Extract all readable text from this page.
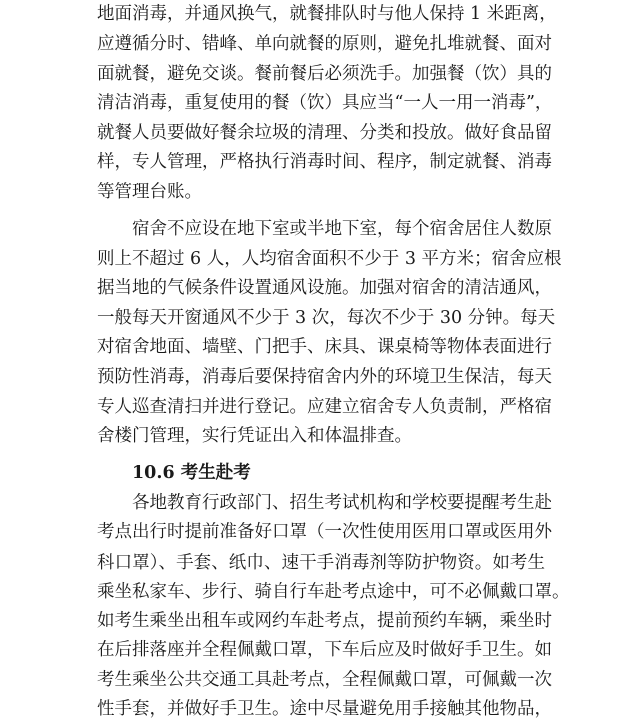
地面消毒，并通风换气，就餐排队时与他人保持 1 米距离，
应遵循分时、错峰、单向就餐的原则，避免扎堆就餐、面对
面就餐，避免交谈。餐前餐后必须洗手。加强餐（饮）具的
清洁消毒，重复使用的餐（饮）具应当“一人一用一消毒”，
就餐人员要做好餐余垃圾的清理、分类和投放。做好食品留
样，专人管理，严格执行消毒时间、程序，制定就餐、消毒
等管理台账。
宿舍不应设在地下室或半地下室，每个宿舍居住人数原
则上不超过 6 人，人均宿舍面积不少于 3 平方米；宿舍应根
据当地的气候条件设置通风设施。加强对宿舍的清洁通风，
一般每天开窗通风不少于 3 次，每次不少于 30 分钟。每天
对宿舍地面、墙壁、门把手、床具、课桌椅等物体表面进行
预防性消毒，消毒后要保持宿舍内外的环境卫生保洁，每天
专人巡查清扫并进行登记。应建立宿舍专人负责制，严格宿
舍楼门管理，实行凭证出入和体温排查。
10.6 考生赴考
各地教育行政部门、招生考试机构和学校要提醒考生赴
考点出行时提前准备好口罩（一次性使用医用口罩或医用外
科口罩）、手套、纸巾、速干手消毒剂等防护物资。如考生
乘坐私家车、步行、骑自行车赴考点途中，可不必佩戴口罩。
如考生乘坐出租车或网约车赴考点，提前预约车辆，乘坐时
在后排落座并全程佩戴口罩，下车后应及时做好手卫生。如
考生乘坐公共交通工具赴考点，全程佩戴口罩，可佩戴一次
性手套，并做好手卫生。途中尽量避免用手接触其他物品，
